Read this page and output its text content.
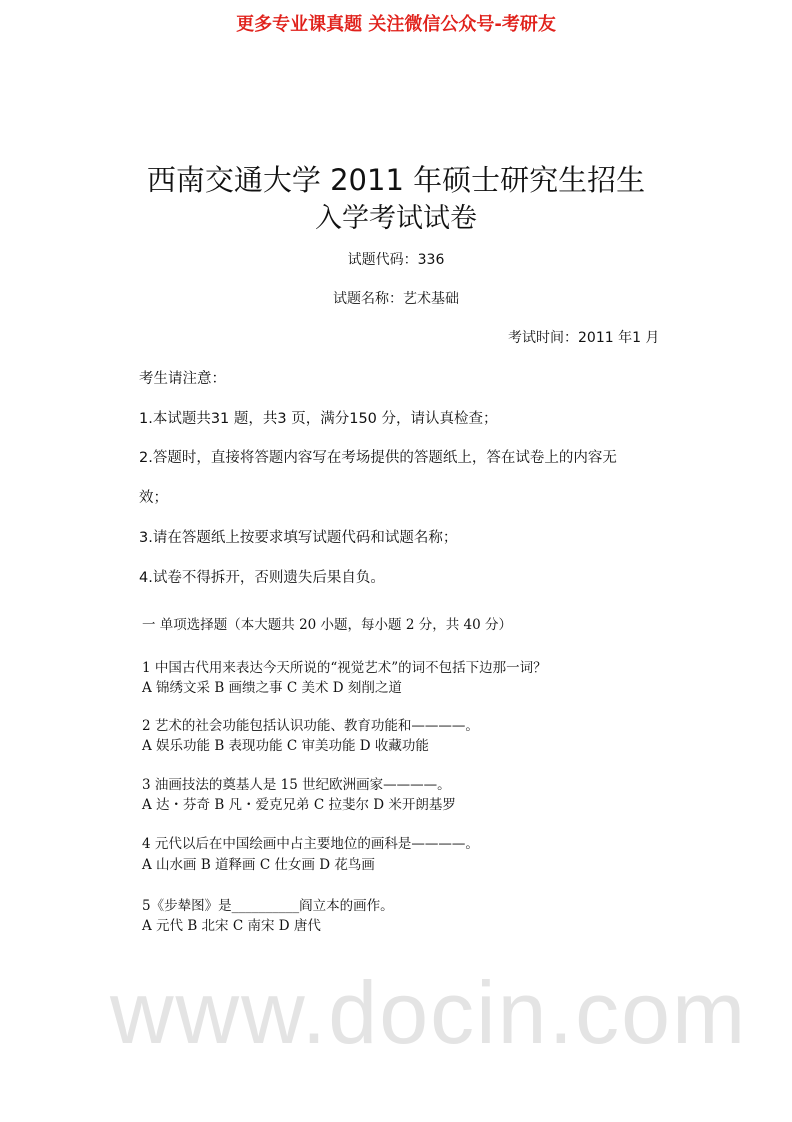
更多专业课真题 关注微信公众号-考研友
西南交通大学 2011 年硕士研究生招生
入学考试试卷
试题代码：336
试题名称：艺术基础
考试时间：2011 年1 月
考生请注意：
1.本试题共31 题，共3 页，满分150 分，请认真检查；
2.答题时，直接将答题内容写在考场提供的答题纸上，答在试卷上的内容无
效；
3.请在答题纸上按要求填写试题代码和试题名称；
4.试卷不得拆开，否则遗失后果自负。
一 单项选择题（本大题共 20 小题，每小题 2 分，共 40 分）
1 中国古代用来表达今天所说的“视觉艺术”的词不包括下边那一词？
A 锦绣文采 B 画缋之事 C 美术 D 刻削之道
2 艺术的社会功能包括认识功能、教育功能和————。
A 娱乐功能 B 表现功能 C 审美功能 D 收藏功能
3 油画技法的奠基人是 15 世纪欧洲画家————。
A 达・芬奇 B 凡・爱克兄弟 C 拉斐尔 D 米开朗基罗
4 元代以后在中国绘画中占主要地位的画科是————。
A 山水画 B 道释画 C 仕女画 D 花鸟画
5《步辇图》是__________阎立本的画作。
A 元代 B 北宋 C 南宋 D 唐代
www.docin.com
